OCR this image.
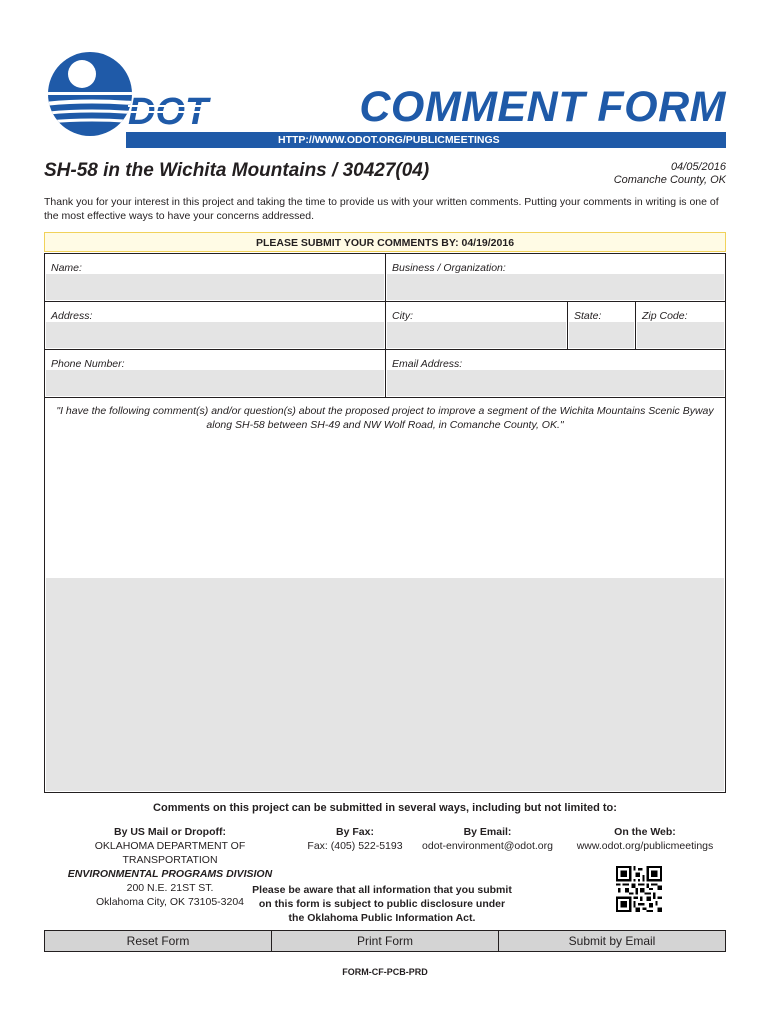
COMMENT FORM
HTTP://WWW.ODOT.ORG/PUBLICMEETINGS
SH-58 in the Wichita Mountains / 30427(04)	04/05/2016
Comanche County, OK
Thank you for your interest in this project and taking the time to provide us with your written comments. Putting your comments in writing is one of the most effective ways to have your concerns addressed.
PLEASE SUBMIT YOUR COMMENTS BY: 04/19/2016
Name:	Business / Organization:
Address:	City:	State:	Zip Code:
Phone Number:	Email Address:
"I have the following comment(s) and/or question(s) about the proposed project to improve a segment of the Wichita Mountains Scenic Byway along SH-58 between SH-49 and NW Wolf Road, in Comanche County, OK."
Comments on this project can be submitted in several ways, including but not limited to:
By US Mail or Dropoff:
OKLAHOMA DEPARTMENT OF TRANSPORTATION
ENVIRONMENTAL PROGRAMS DIVISION
200 N.E. 21ST ST.
Oklahoma City, OK 73105-3204
By Fax:
Fax: (405) 522-5193
By Email:
odot-environment@odot.org
On the Web:
www.odot.org/publicmeetings
Please be aware that all information that you submit on this form is subject to public disclosure under the Oklahoma Public Information Act.
Reset Form	Print Form	Submit by Email
FORM-CF-PCB-PRD
